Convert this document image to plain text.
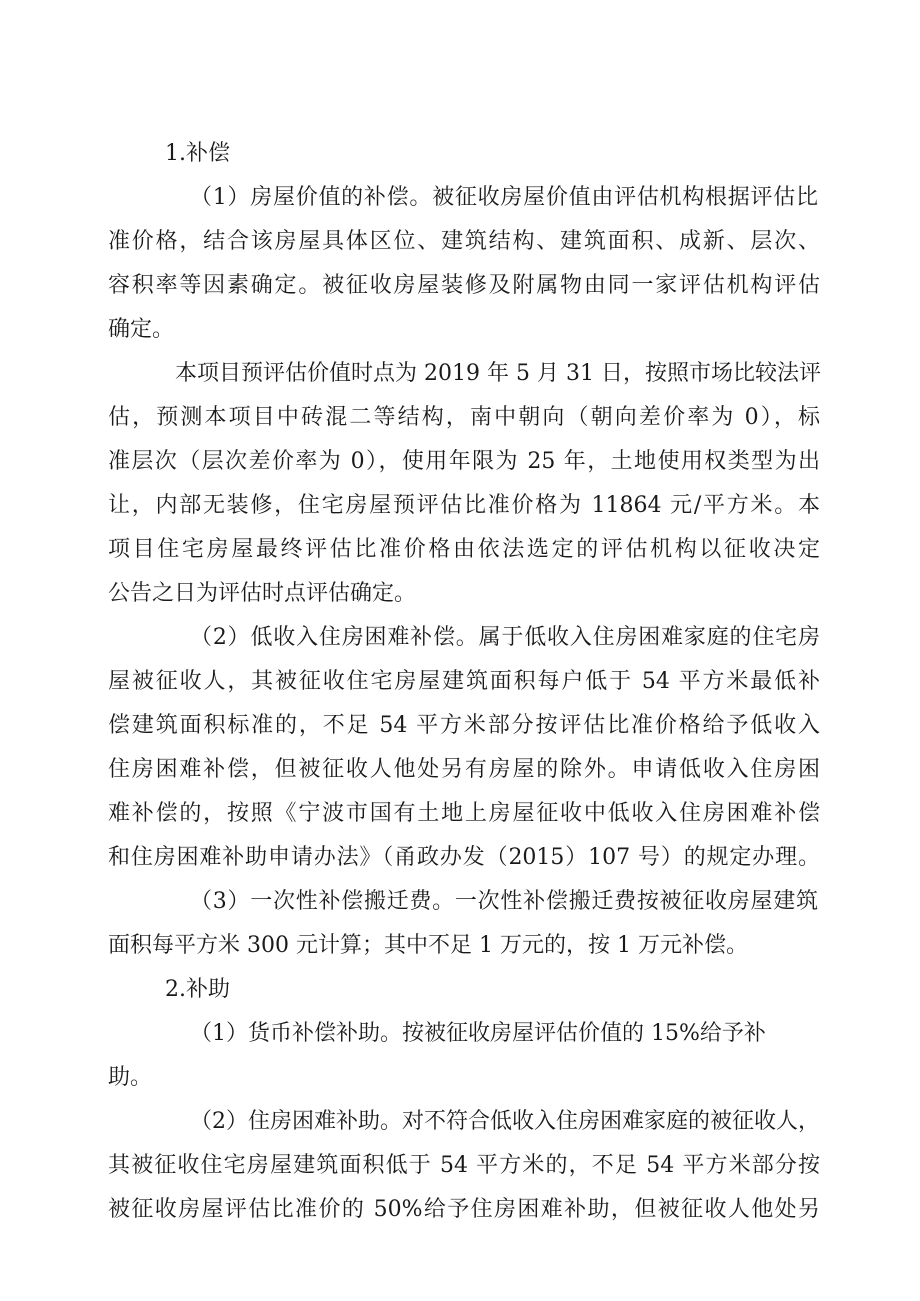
1.补偿
（1）房屋价值的补偿。被征收房屋价值由评估机构根据评估比
准价格，结合该房屋具体区位、建筑结构、建筑面积、成新、层次、
容积率等因素确定。被征收房屋装修及附属物由同一家评估机构评估
确定。
本项目预评估价值时点为 2019 年 5 月 31 日，按照市场比较法评
估，预测本项目中砖混二等结构，南中朝向（朝向差价率为 0），标
准层次（层次差价率为 0），使用年限为 25 年，土地使用权类型为出
让，内部无装修，住宅房屋预评估比准价格为 11864 元/平方米。本
项目住宅房屋最终评估比准价格由依法选定的评估机构以征收决定
公告之日为评估时点评估确定。
（2）低收入住房困难补偿。属于低收入住房困难家庭的住宅房
屋被征收人，其被征收住宅房屋建筑面积每户低于 54 平方米最低补
偿建筑面积标准的，不足 54 平方米部分按评估比准价格给予低收入
住房困难补偿，但被征收人他处另有房屋的除外。申请低收入住房困
难补偿的，按照《宁波市国有土地上房屋征收中低收入住房困难补偿
和住房困难补助申请办法》（甬政办发（2015）107 号）的规定办理。
（3）一次性补偿搬迁费。一次性补偿搬迁费按被征收房屋建筑
面积每平方米 300 元计算；其中不足 1 万元的，按 1 万元补偿。
2.补助
（1）货币补偿补助。按被征收房屋评估价值的 15%给予补
助。
（2）住房困难补助。对不符合低收入住房困难家庭的被征收人，
其被征收住宅房屋建筑面积低于 54 平方米的，不足 54 平方米部分按
被征收房屋评估比准价的 50%给予住房困难补助，但被征收人他处另
